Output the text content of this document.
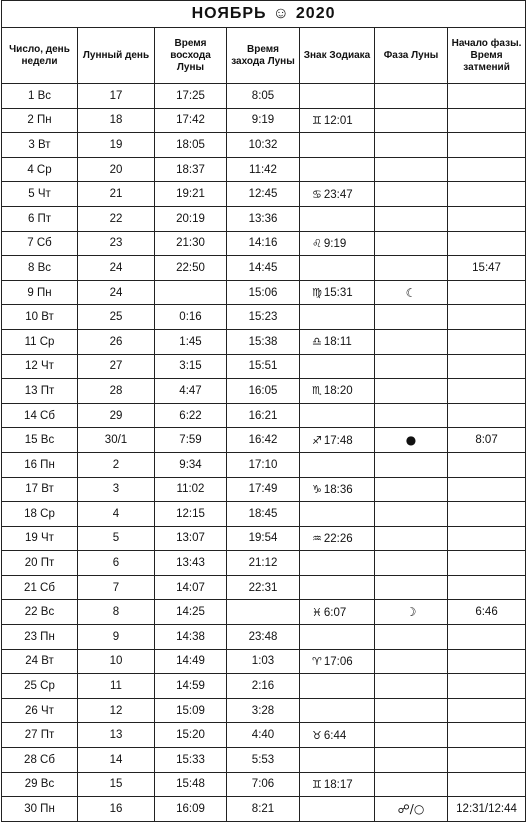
НОЯБРЬ ☺ 2020						
Число, день недели	Лунный день	Время восхода Луны	Время захода Луны	Знак Зодиака	Фаза Луны	Начало фазы. Время затмений
1 Вс	17	17:25	8:05			
2 Пн	18	17:42	9:19	♊ 12:01		
3 Вт	19	18:05	10:32			
4 Ср	20	18:37	11:42			
5 Чт	21	19:21	12:45	♋ 23:47		
6 Пт	22	20:19	13:36			
7 Сб	23	21:30	14:16	♌ 9:19		
8 Вс	24	22:50	14:45			15:47
9 Пн	24		15:06	♍ 15:31	☾	
10 Вт	25	0:16	15:23			
11 Ср	26	1:45	15:38	♎ 18:11		
12 Чт	27	3:15	15:51			
13 Пт	28	4:47	16:05	♏ 18:20		
14 Сб	29	6:22	16:21			
15 Вс	30/1	7:59	16:42	♐ 17:48	●	8:07
16 Пн	2	9:34	17:10			
17 Вт	3	11:02	17:49	♑ 18:36		
18 Ср	4	12:15	18:45			
19 Чт	5	13:07	19:54	♒ 22:26		
20 Пт	6	13:43	21:12			
21 Сб	7	14:07	22:31			
22 Вс	8	14:25		♓ 6:07	☽	6:46
23 Пн	9	14:38	23:48			
24 Вт	10	14:49	1:03	♈ 17:06		
25 Ср	11	14:59	2:16			
26 Чт	12	15:09	3:28			
27 Пт	13	15:20	4:40	♉ 6:44		
28 Сб	14	15:33	5:53			
29 Вс	15	15:48	7:06	♊ 18:17		
30 Пн	16	16:09	8:21		☍/○	12:31/12:44
